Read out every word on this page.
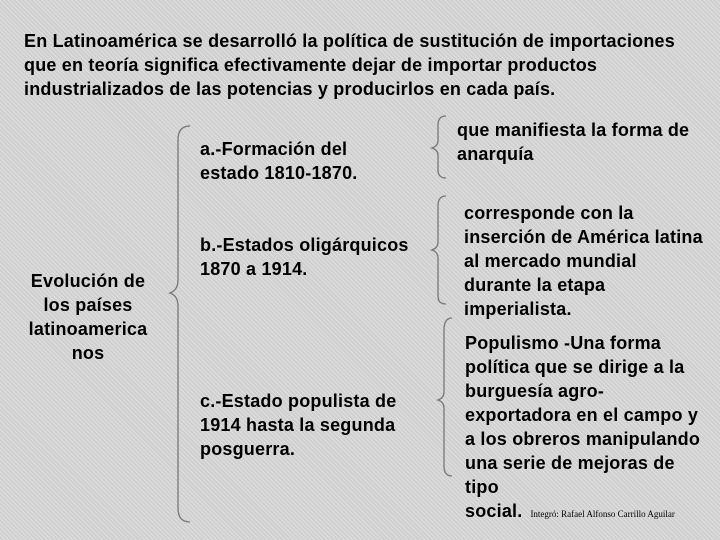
En Latinoamérica se desarrolló la política de sustitución de importaciones que en teoría significa efectivamente dejar de importar productos industrializados de las potencias y producirlos en cada país.
Evolución de los países latinoamerica nos
a.-Formación del estado 1810-1870.
b.-Estados oligárquicos 1870 a 1914.
c.-Estado populista de 1914 hasta la segunda posguerra.
que manifiesta la forma de anarquía
corresponde con la inserción de América latina al mercado mundial durante la etapa imperialista.
Populismo -Una forma política que se dirige a la burguesía agro-exportadora en el campo y a los obreros manipulando una serie de mejoras de tipo social. Integró: Rafael Alfonso Carrillo Aguilar
